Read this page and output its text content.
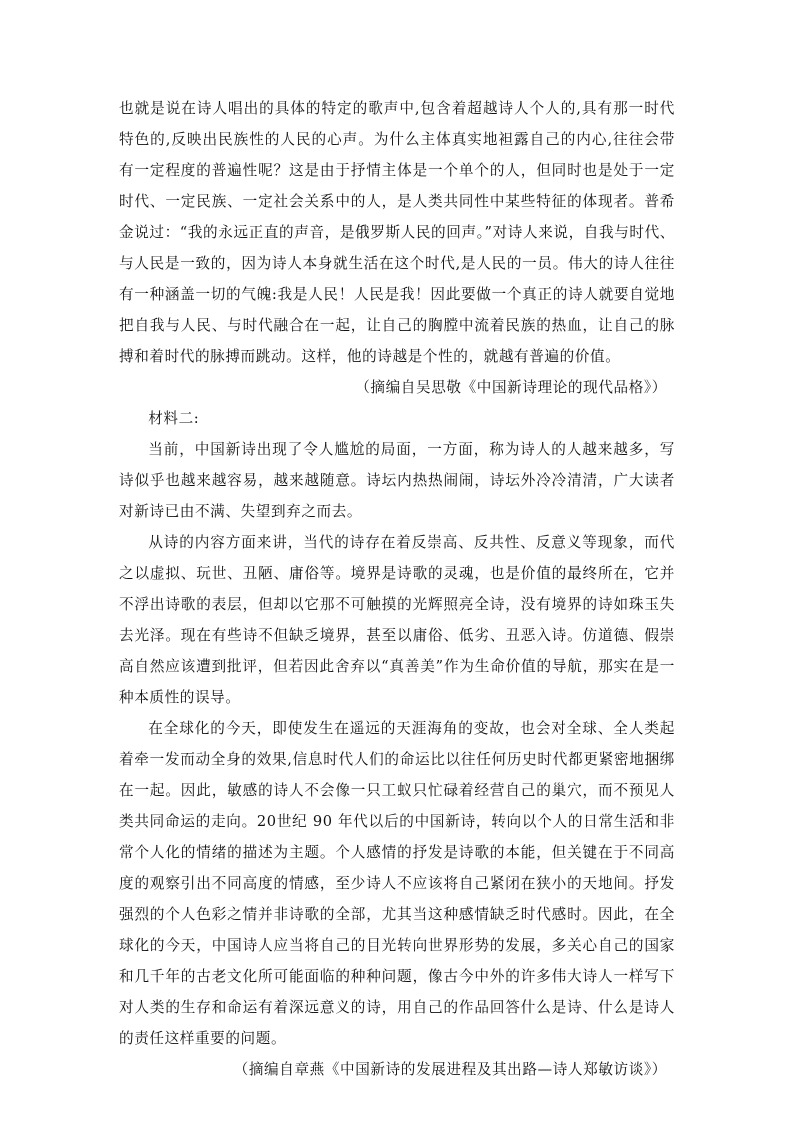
也就是说在诗人唱出的具体的特定的歌声中,包含着超越诗人个人的,具有那一时代特色的,反映出民族性的人民的心声。为什么主体真实地袒露自己的内心,往往会带有一定程度的普遍性呢？这是由于抒情主体是一个单个的人，但同时也是处于一定时代、一定民族、一定社会关系中的人，是人类共同性中某些特征的体现者。普希金说过：“我的永远正直的声音，是俄罗斯人民的回声。”对诗人来说，自我与时代、与人民是一致的，因为诗人本身就生活在这个时代,是人民的一员。伟大的诗人往往有一种涵盖一切的气魄:我是人民！人民是我！因此要做一个真正的诗人就要自觉地把自我与人民、与时代融合在一起，让自己的胸膛中流着民族的热血，让自己的脉搏和着时代的脉搏而跳动。这样，他的诗越是个性的，就越有普遍的价值。

（摘编自吴思敬《中国新诗理论的现代品格》）

材料二:

当前，中国新诗出现了令人尴尬的局面，一方面，称为诗人的人越来越多，写诗似乎也越来越容易，越来越随意。诗坛内热热闹闹，诗坛外冷冷清清，广大读者对新诗已由不满、失望到弃之而去。

从诗的内容方面来讲，当代的诗存在着反崇高、反共性、反意义等现象，而代之以虚拟、玩世、丑陋、庸俗等。境界是诗歌的灵魂，也是价值的最终所在，它并不浮出诗歌的表层，但却以它那不可触摸的光辉照亮全诗，没有境界的诗如珠玉失去光泽。现在有些诗不但缺乏境界，甚至以庸俗、低劣、丑恶入诗。仿道德、假崇高自然应该遭到批评，但若因此舍弃以“真善美”作为生命价值的导航，那实在是一种本质性的误导。

在全球化的今天，即使发生在遥远的天涯海角的变故，也会对全球、全人类起着牵一发而动全身的效果,信息时代人们的命运比以往任何历史时代都更紧密地捆绑在一起。因此，敏感的诗人不会像一只工蚁只忙碌着经营自己的巢穴，而不预见人类共同命运的走向。20世纪 90 年代以后的中国新诗，转向以个人的日常生活和非常个人化的情绪的描述为主题。个人感情的抒发是诗歌的本能，但关键在于不同高度的观察引出不同高度的情感，至少诗人不应该将自己紧闭在狭小的天地间。抒发强烈的个人色彩之情并非诗歌的全部，尤其当这种感情缺乏时代感时。因此，在全球化的今天，中国诗人应当将自己的目光转向世界形势的发展，多关心自己的国家和几千年的古老文化所可能面临的种种问题，像古今中外的许多伟大诗人一样写下对人类的生存和命运有着深远意义的诗，用自己的作品回答什么是诗、什么是诗人的责任这样重要的问题。

（摘编自章燕《中国新诗的发展进程及其出路—诗人郑敏访谈》）
